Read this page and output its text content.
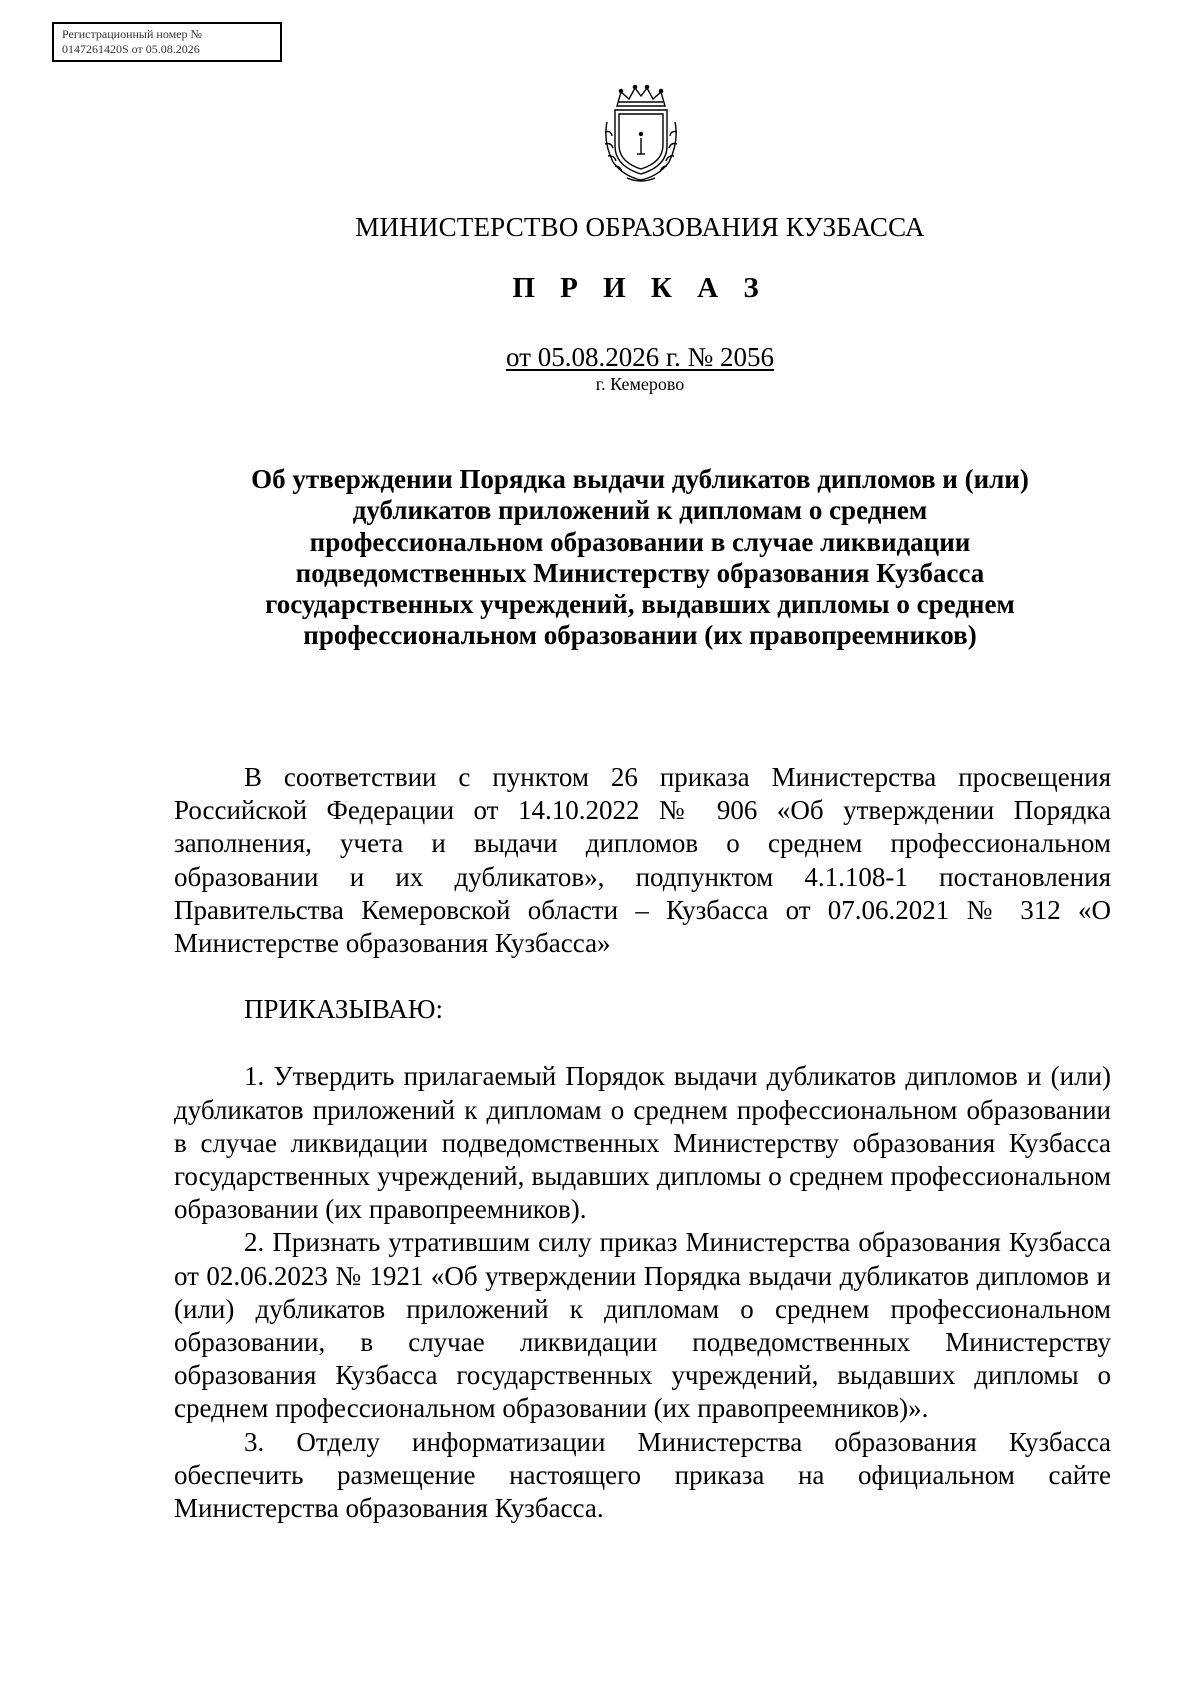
Регистрационный номер №
0147261420S от 05.08.2026
МИНИСТЕРСТВО ОБРАЗОВАНИЯ КУЗБАССА
П Р И К А З
от 05.08.2026 г. № 2056
г. Кемерово
Об утверждении Порядка выдачи дубликатов дипломов и (или) дубликатов приложений к дипломам о среднем профессиональном образовании в случае ликвидации подведомственных Министерству образования Кузбасса государственных учреждений, выдавших дипломы о среднем профессиональном образовании (их правопреемников)

В соответствии с пунктом 26 приказа Министерства просвещения Российской Федерации от 14.10.2022 № 906 «Об утверждении Порядка заполнения, учета и выдачи дипломов о среднем профессиональном образовании и их дубликатов», подпунктом 4.1.108-1 постановления Правительства Кемеровской области – Кузбасса от 07.06.2021 № 312 «О Министерстве образования Кузбасса»

ПРИКАЗЫВАЮ:

1. Утвердить прилагаемый Порядок выдачи дубликатов дипломов и (или) дубликатов приложений к дипломам о среднем профессиональном образовании в случае ликвидации подведомственных Министерству образования Кузбасса государственных учреждений, выдавших дипломы о среднем профессиональном образовании (их правопреемников).

2. Признать утратившим силу приказ Министерства образования Кузбасса от 02.06.2023 № 1921 «Об утверждении Порядка выдачи дубликатов дипломов и (или) дубликатов приложений к дипломам о среднем профессиональном образовании, в случае ликвидации подведомственных Министерству образования Кузбасса государственных учреждений, выдавших дипломы о среднем профессиональном образовании (их правопреемников)».

3. Отделу информатизации Министерства образования Кузбасса обеспечить размещение настоящего приказа на официальном сайте Министерства образования Кузбасса.
